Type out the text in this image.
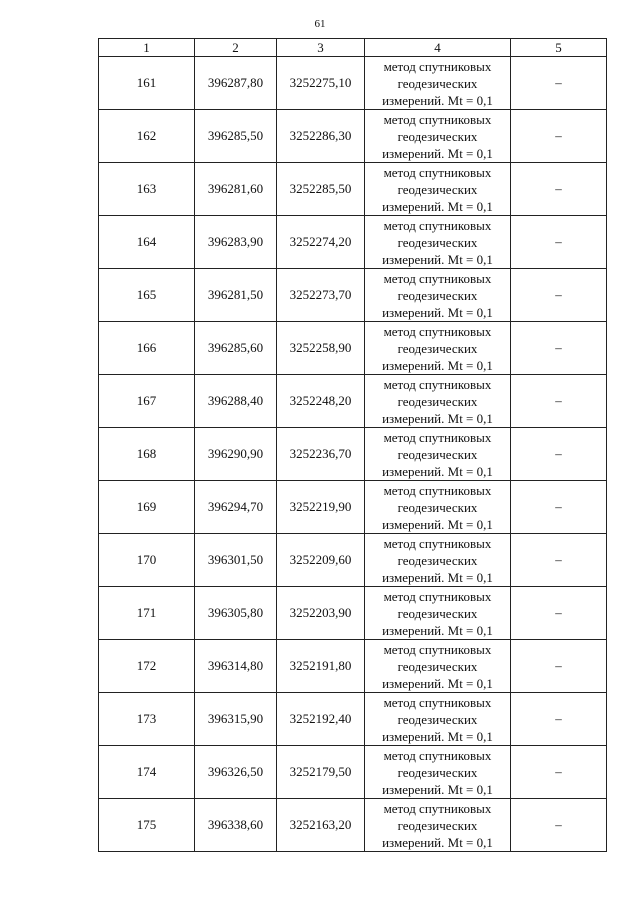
61
1	2	3	4	5
161	396287,80	3252275,10	метод спутниковых
геодезических
измерений. Mt = 0,1	–
162	396285,50	3252286,30	метод спутниковых
геодезических
измерений. Mt = 0,1	–
163	396281,60	3252285,50	метод спутниковых
геодезических
измерений. Mt = 0,1	–
164	396283,90	3252274,20	метод спутниковых
геодезических
измерений. Mt = 0,1	–
165	396281,50	3252273,70	метод спутниковых
геодезических
измерений. Mt = 0,1	–
166	396285,60	3252258,90	метод спутниковых
геодезических
измерений. Mt = 0,1	–
167	396288,40	3252248,20	метод спутниковых
геодезических
измерений. Mt = 0,1	–
168	396290,90	3252236,70	метод спутниковых
геодезических
измерений. Mt = 0,1	–
169	396294,70	3252219,90	метод спутниковых
геодезических
измерений. Mt = 0,1	–
170	396301,50	3252209,60	метод спутниковых
геодезических
измерений. Mt = 0,1	–
171	396305,80	3252203,90	метод спутниковых
геодезических
измерений. Mt = 0,1	–
172	396314,80	3252191,80	метод спутниковых
геодезических
измерений. Mt = 0,1	–
173	396315,90	3252192,40	метод спутниковых
геодезических
измерений. Mt = 0,1	–
174	396326,50	3252179,50	метод спутниковых
геодезических
измерений. Mt = 0,1	–
175	396338,60	3252163,20	метод спутниковых
геодезических
измерений. Mt = 0,1	–
